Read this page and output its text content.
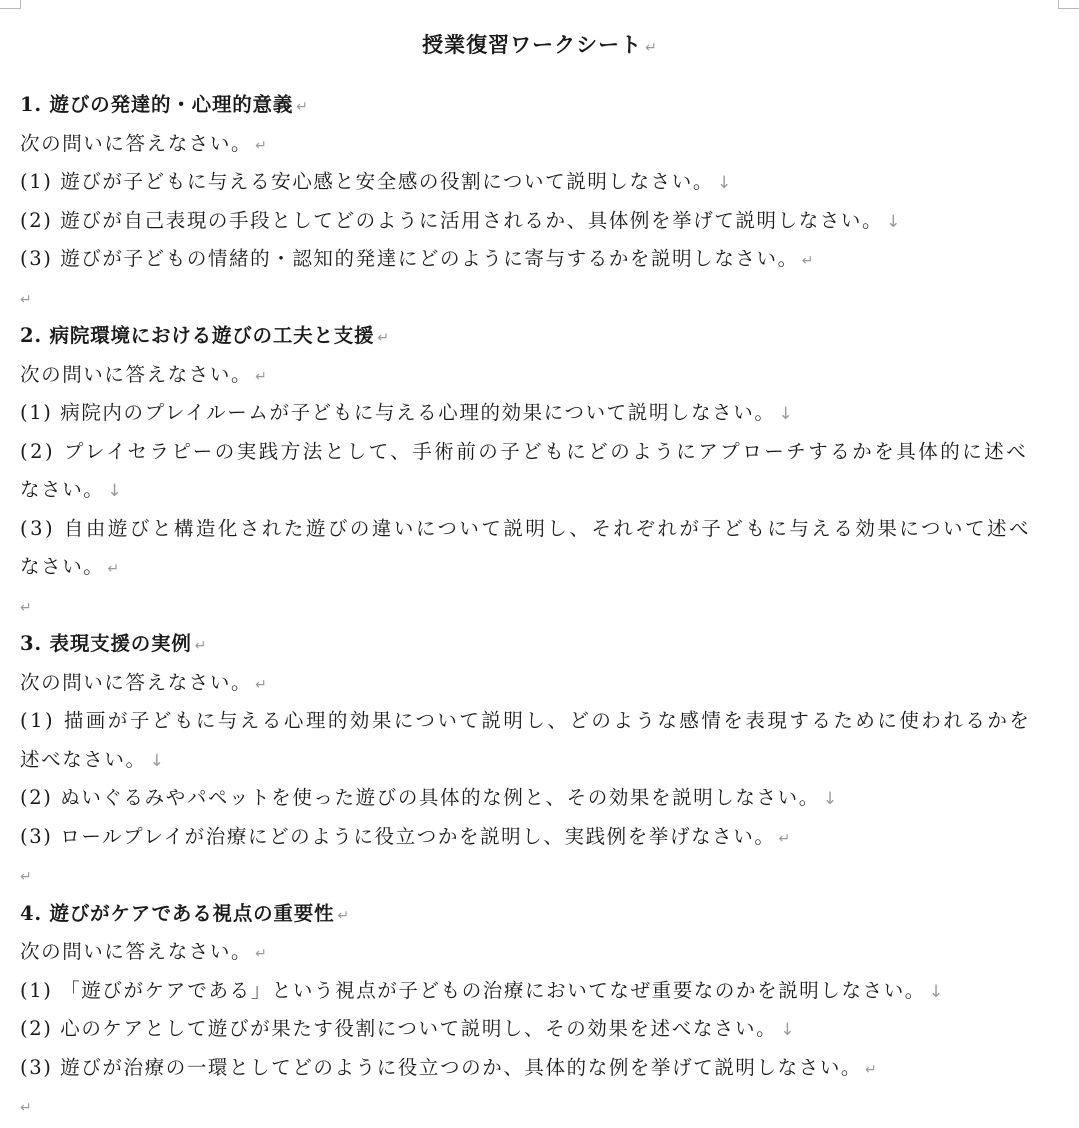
授業復習ワークシート ↵
1. 遊びの発達的・心理的意義 ↵
次の問いに答えなさい。 ↵
(1) 遊びが子どもに与える安心感と安全感の役割について説明しなさい。 ↓
(2) 遊びが自己表現の手段としてどのように活用されるか、具体例を挙げて説明しなさい。 ↓
(3) 遊びが子どもの情緒的・認知的発達にどのように寄与するかを説明しなさい。 ↵
↵
2. 病院環境における遊びの工夫と支援 ↵
次の問いに答えなさい。 ↵
(1) 病院内のプレイルームが子どもに与える心理的効果について説明しなさい。 ↓
(2) プレイセラピーの実践方法として、手術前の子どもにどのようにアプローチするかを具体的に述べ
なさい。 ↓
(3) 自由遊びと構造化された遊びの違いについて説明し、それぞれが子どもに与える効果について述べ
なさい。 ↵
↵
3. 表現支援の実例 ↵
次の問いに答えなさい。 ↵
(1) 描画が子どもに与える心理的効果について説明し、どのような感情を表現するために使われるかを
述べなさい。 ↓
(2) ぬいぐるみやパペットを使った遊びの具体的な例と、その効果を説明しなさい。 ↓
(3) ロールプレイが治療にどのように役立つかを説明し、実践例を挙げなさい。 ↵
↵
4. 遊びがケアである視点の重要性 ↵
次の問いに答えなさい。 ↵
(1) 「遊びがケアである」という視点が子どもの治療においてなぜ重要なのかを説明しなさい。 ↓
(2) 心のケアとして遊びが果たす役割について説明し、その効果を述べなさい。 ↓
(3) 遊びが治療の一環としてどのように役立つのか、具体的な例を挙げて説明しなさい。 ↵
↵
